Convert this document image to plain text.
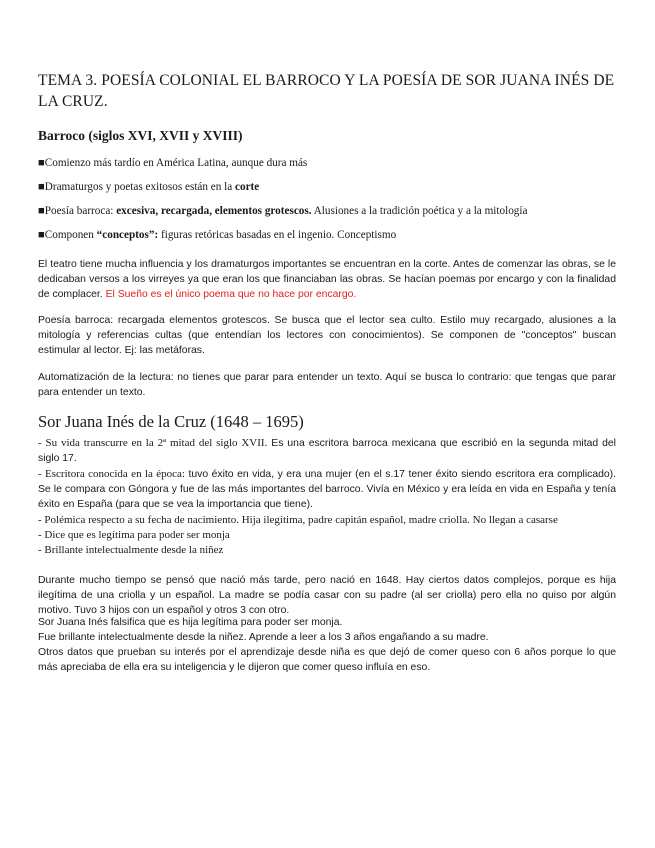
TEMA 3. POESÍA COLONIAL EL BARROCO Y LA POESÍA DE SOR JUANA INÉS DE LA CRUZ.
Barroco (siglos XVI, XVII y XVIII)
■Comienzo más tardío en América Latina, aunque dura más
■Dramaturgos y poetas exitosos están en la corte
■Poesía barroca: excesiva, recargada, elementos grotescos. Alusiones a la tradición poética y a la mitología
■Componen “conceptos”: figuras retóricas basadas en el ingenio. Conceptismo

El teatro tiene mucha influencia y los dramaturgos importantes se encuentran en la corte. Antes de comenzar las obras, se le dedicaban versos a los virreyes ya que eran los que financiaban las obras. Se hacían poemas por encargo y con la finalidad de complacer. El Sueño es el único poema que no hace por encargo.

Poesía barroca: recargada elementos grotescos. Se busca que el lector sea culto. Estilo muy recargado, alusiones a la mitología y referencias cultas (que entendían los lectores con conocimientos). Se componen de "conceptos" buscan estimular al lector. Ej: las metáforas.

Automatización de la lectura: no tienes que parar para entender un texto. Aquí se busca lo contrario: que tengas que parar para entender un texto.

Sor Juana Inés de la Cruz (1648 – 1695)

- Su vida transcurre en la 2ª mitad del siglo XVII. Es una escritora barroca mexicana que escribió en la segunda mitad del siglo 17.

- Escritora conocida en la época: tuvo éxito en vida, y era una mujer (en el s.17 tener éxito siendo escritora era complicado). Se le compara con Góngora y fue de las más importantes del barroco. Vivía en México y era leída en vida en España y tenía éxito en España (para que se vea la importancia que tiene).

- Polémica respecto a su fecha de nacimiento. Hija ilegítima, padre capitán español, madre criolla. No llegan a casarse
- Dice que es legítima para poder ser monja
- Brillante intelectualmente desde la niñez

Durante mucho tiempo se pensó que nació más tarde, pero nació en 1648. Hay ciertos datos complejos, porque es hija ilegítima de una criolla y un español. La madre se podía casar con su padre (al ser criolla) pero ella no quiso por algún motivo. Tuvo 3 hijos con un español y otros 3 con otro.

Sor Juana Inés falsifica que es hija legítima para poder ser monja.
Fue brillante intelectualmente desde la niñez. Aprende a leer a los 3 años engañando a su madre.

Otros datos que prueban su interés por el aprendizaje desde niña es que dejó de comer queso con 6 años porque lo que más apreciaba de ella era su inteligencia y le dijeron que comer queso influía en eso.
